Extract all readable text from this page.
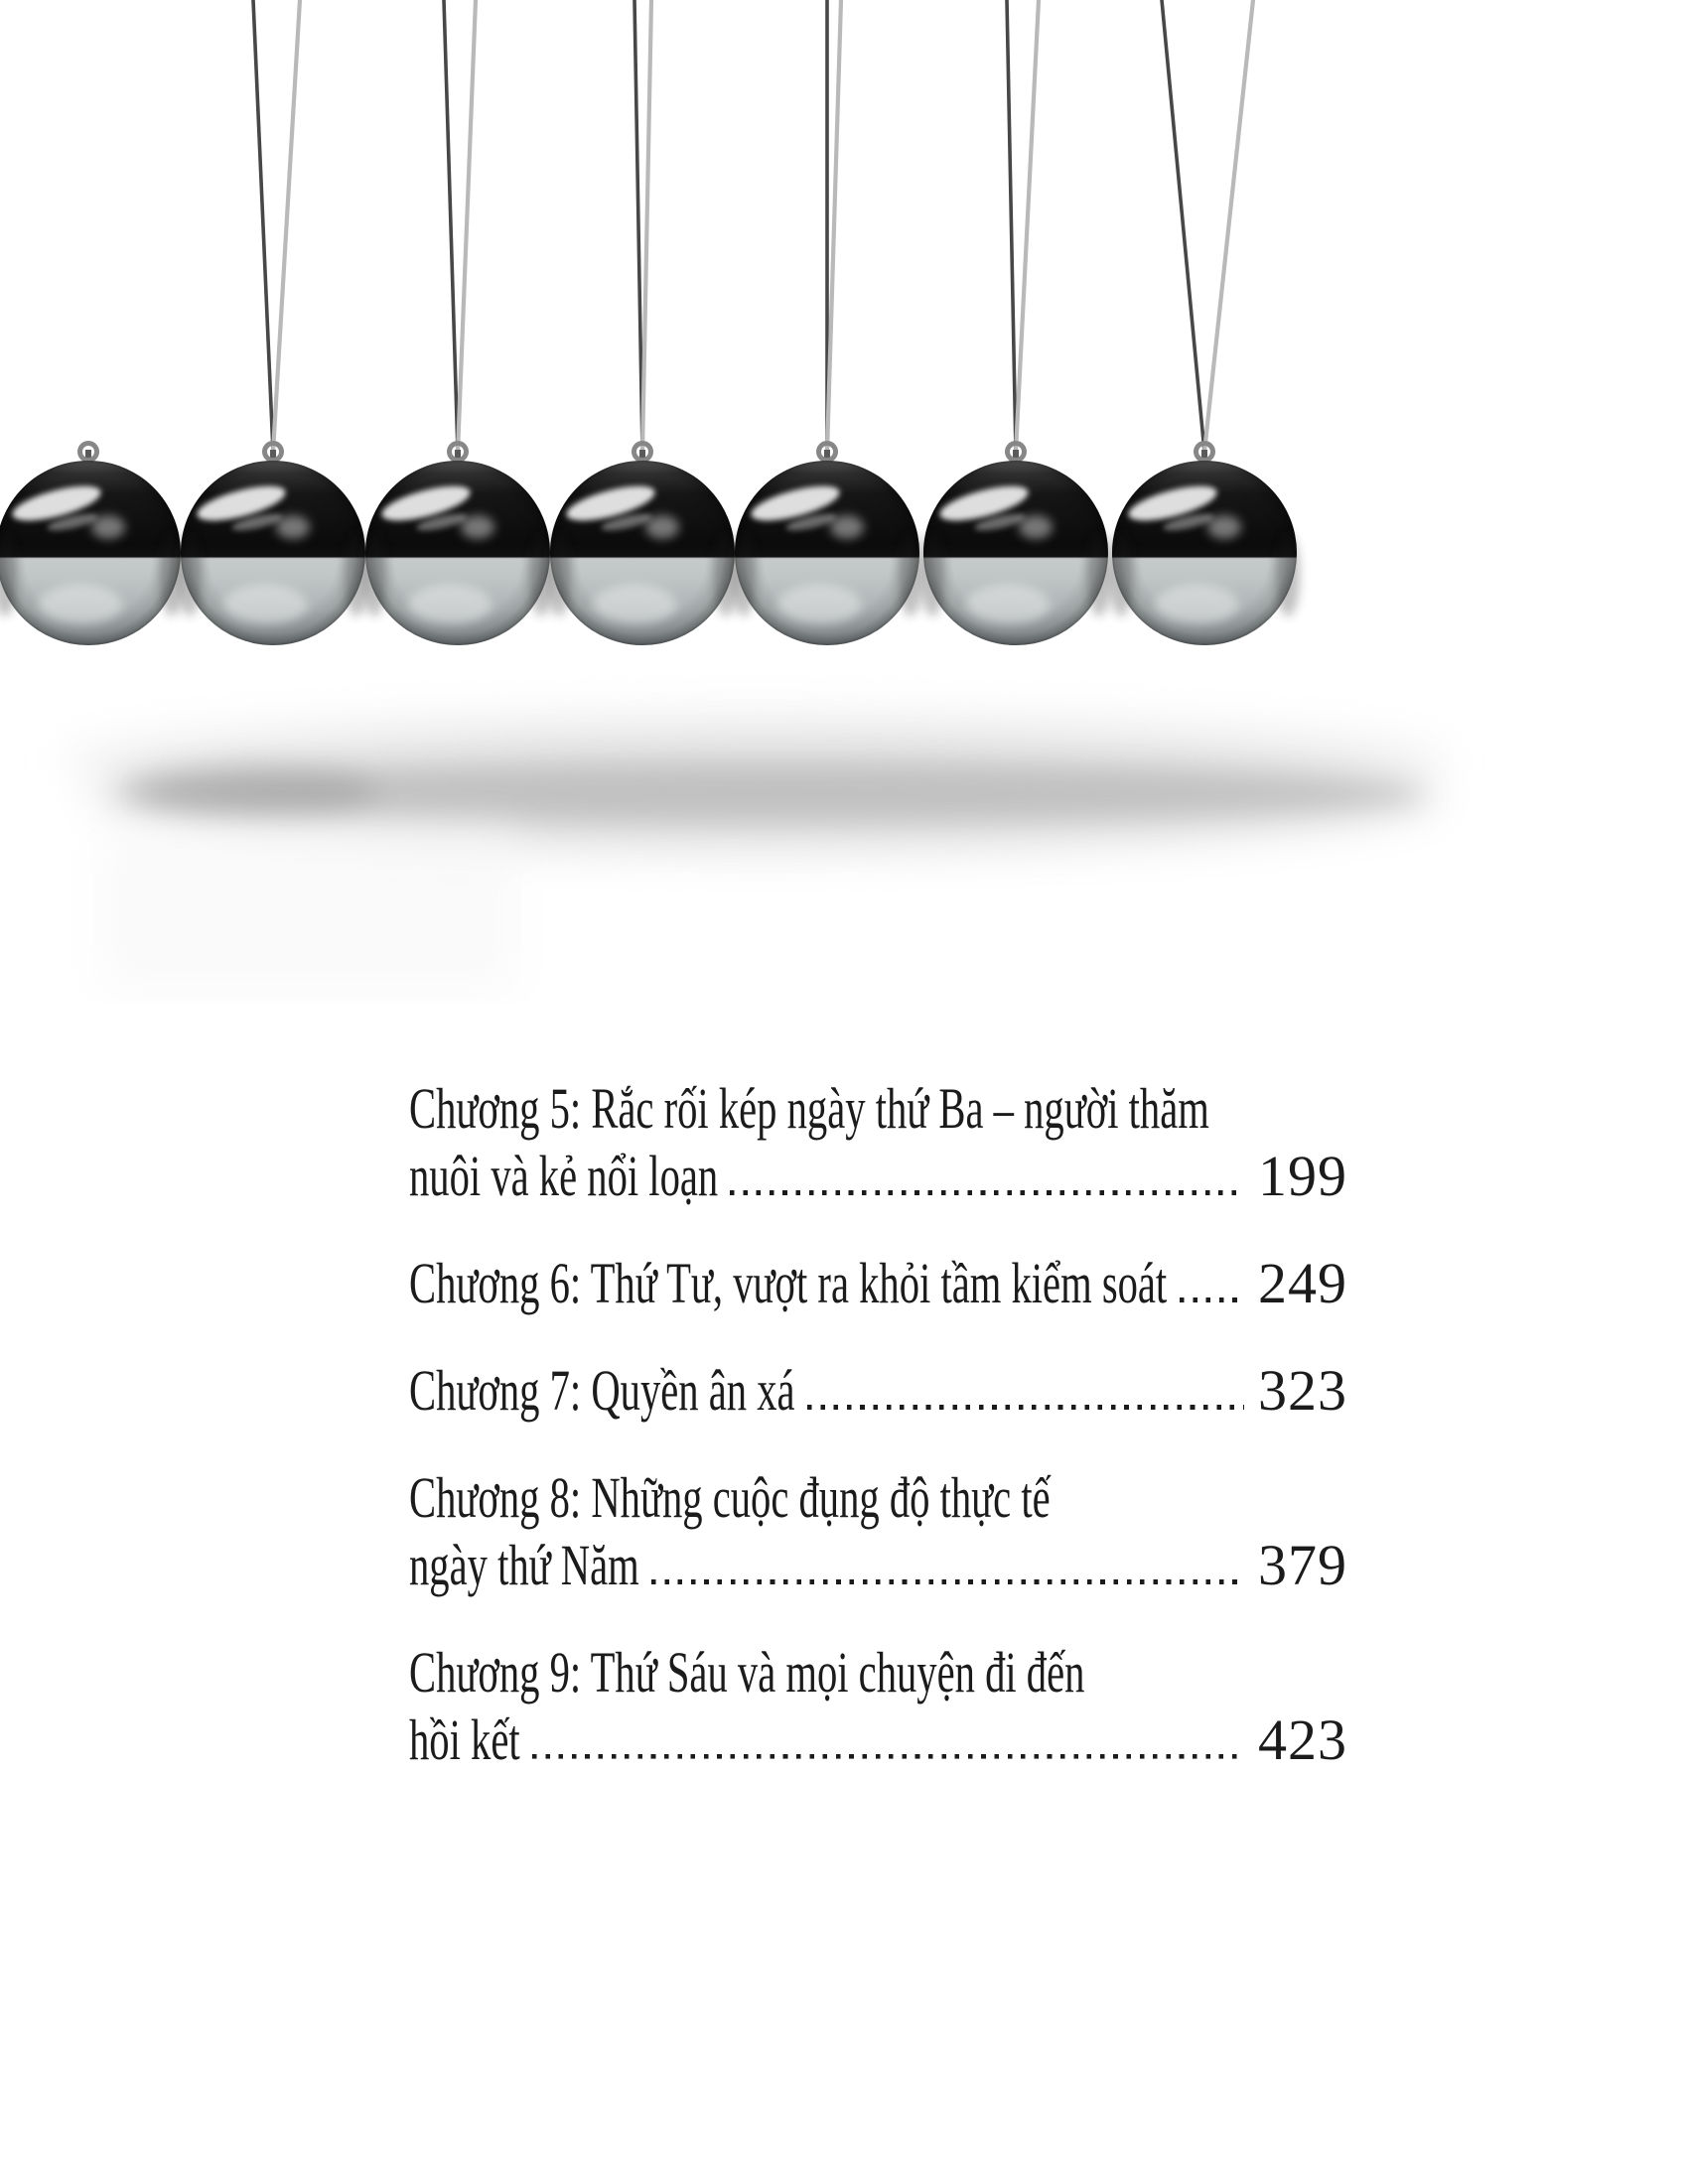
Chương 5: Rắc rối kép ngày thứ Ba – người thăm
nuôi và kẻ nổi loạn	199
Chương 6: Thứ Tư, vượt ra khỏi tầm kiểm soát 249
Chương 7: Quyền ân xá	323
Chương 8: Những cuộc đụng độ thực tế
ngày thứ Năm	379
Chương 9: Thứ Sáu và mọi chuyện đi đến
hồi kết	423
